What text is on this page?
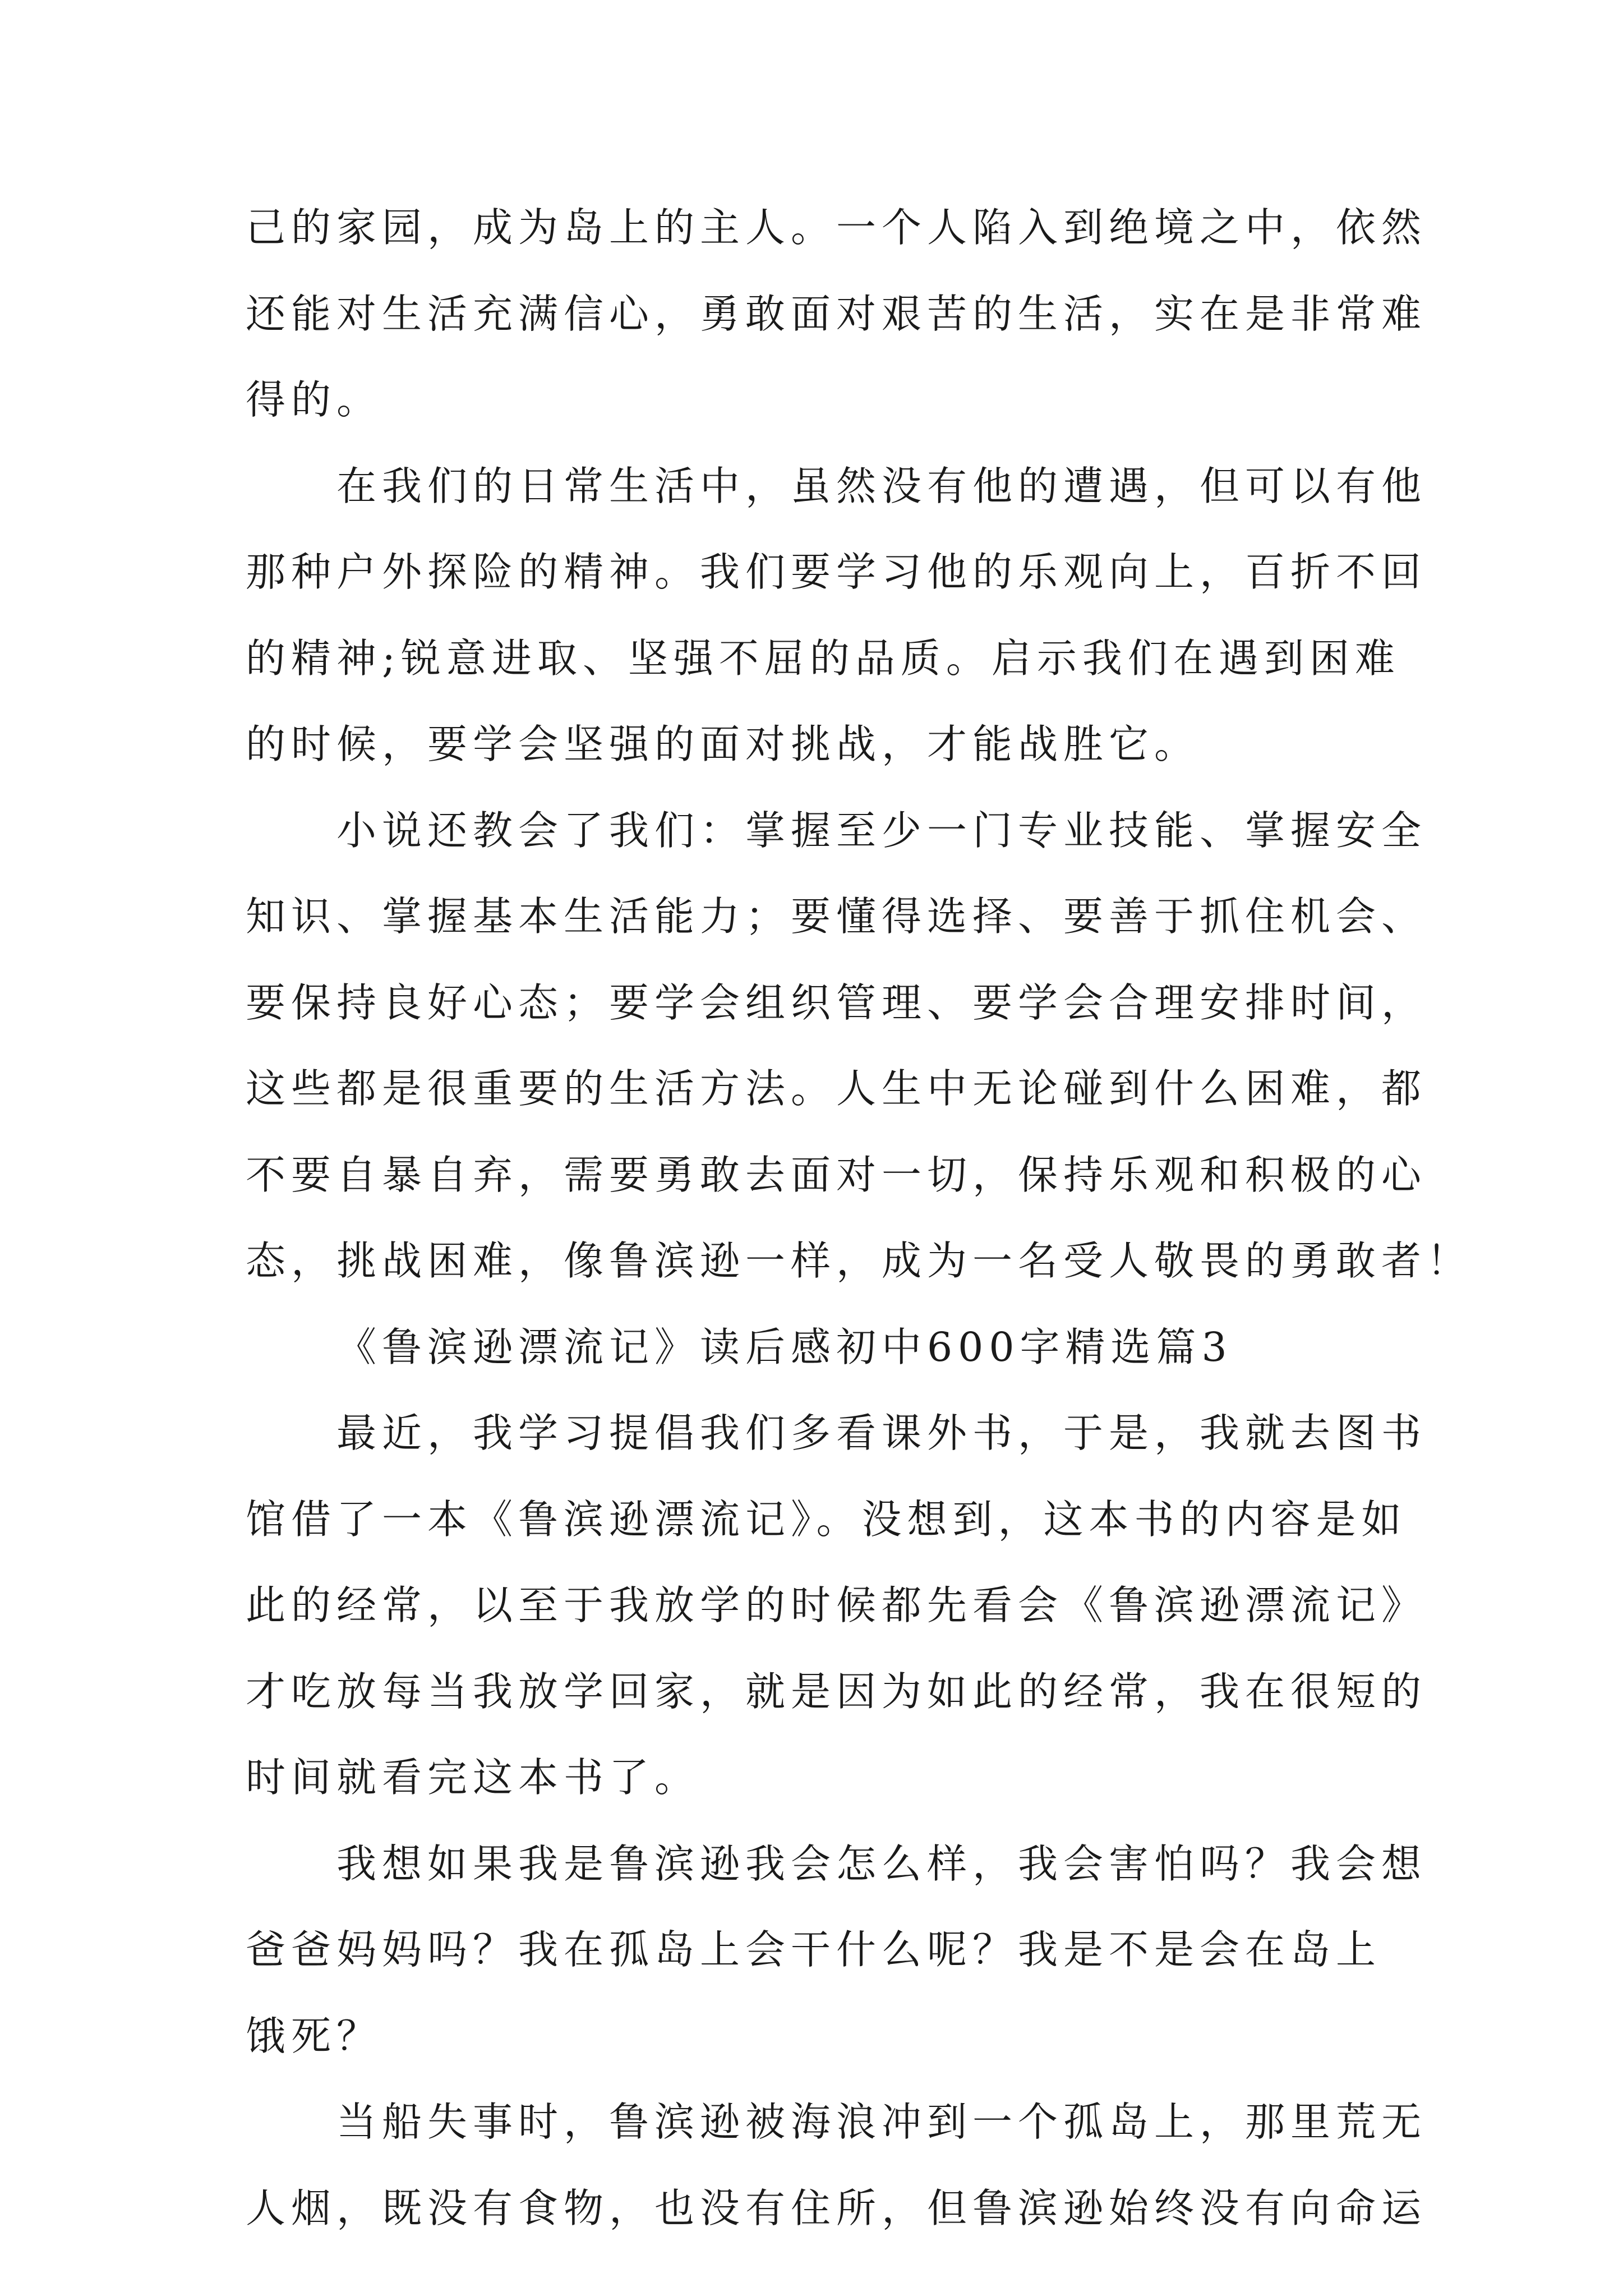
己的家园，成为岛上的主人。一个人陷入到绝境之中，依然
还能对生活充满信心，勇敢面对艰苦的生活，实在是非常难
得的。
在我们的日常生活中，虽然没有他的遭遇，但可以有他
那种户外探险的精神。我们要学习他的乐观向上，百折不回
的精神;锐意进取、坚强不屈的品质。启示我们在遇到困难
的时候，要学会坚强的面对挑战，才能战胜它。
小说还教会了我们：掌握至少一门专业技能、掌握安全
知识、掌握基本生活能力；要懂得选择、要善于抓住机会、
要保持良好心态；要学会组织管理、要学会合理安排时间，
这些都是很重要的生活方法。人生中无论碰到什么困难，都
不要自暴自弃，需要勇敢去面对一切，保持乐观和积极的心
态，挑战困难，像鲁滨逊一样，成为一名受人敬畏的勇敢者！
《鲁滨逊漂流记》读后感初中600字精选篇3
最近，我学习提倡我们多看课外书，于是，我就去图书
馆借了一本《鲁滨逊漂流记》。没想到，这本书的内容是如
此的经常，以至于我放学的时候都先看会《鲁滨逊漂流记》
才吃放每当我放学回家，就是因为如此的经常，我在很短的
时间就看完这本书了。
我想如果我是鲁滨逊我会怎么样，我会害怕吗？我会想
爸爸妈妈吗？我在孤岛上会干什么呢？我是不是会在岛上
饿死？
当船失事时，鲁滨逊被海浪冲到一个孤岛上，那里荒无
人烟，既没有食物，也没有住所，但鲁滨逊始终没有向命运
